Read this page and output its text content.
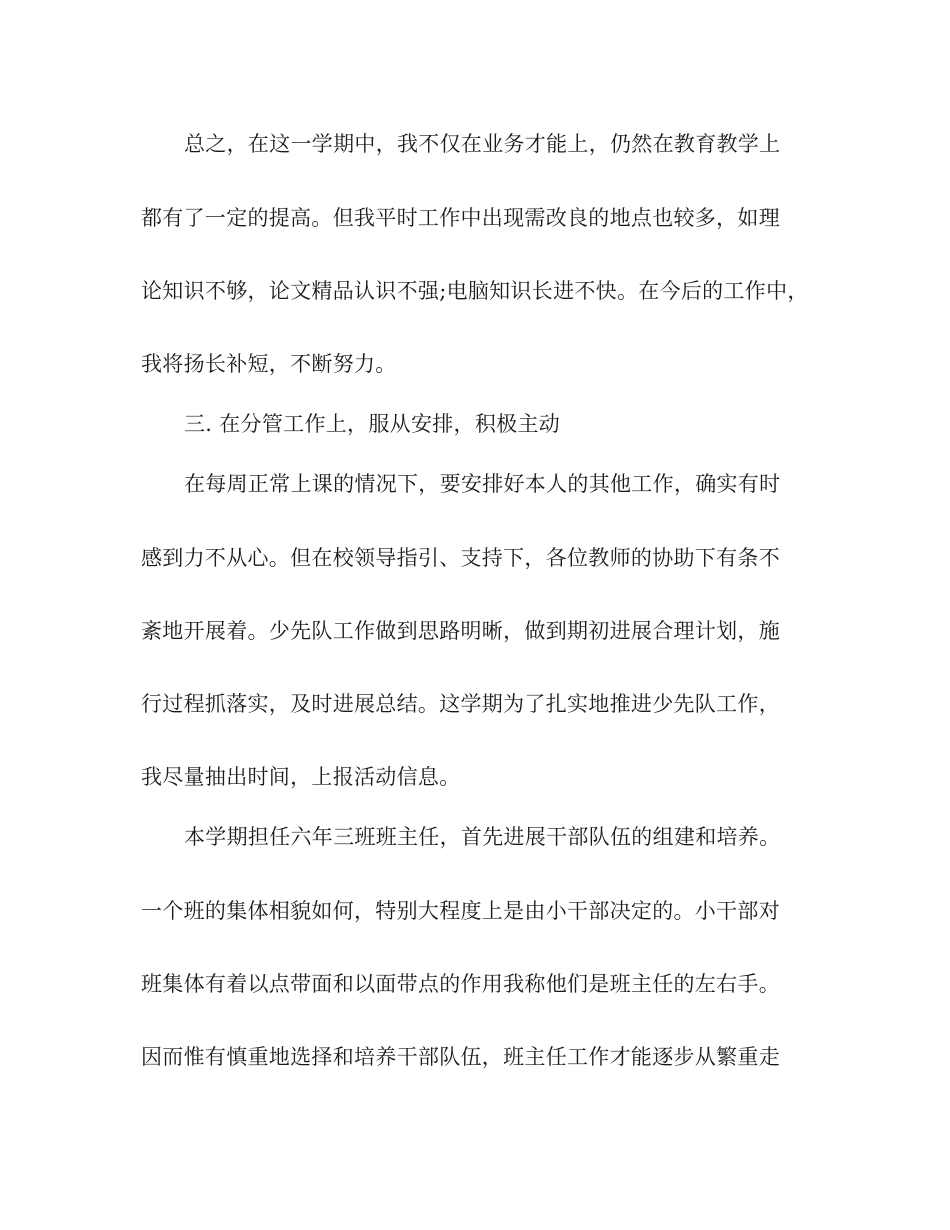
总之，在这一学期中，我不仅在业务才能上，仍然在教育教学上
都有了一定的提高。但我平时工作中出现需改良的地点也较多，如理
论知识不够，论文精品认识不强;电脑知识长进不快。在今后的工作中，
我将扬长补短，不断努力。
三. 在分管工作上，服从安排，积极主动
在每周正常上课的情况下，要安排好本人的其他工作，确实有时
感到力不从心。但在校领导指引、支持下，各位教师的协助下有条不
紊地开展着。少先队工作做到思路明晰，做到期初进展合理计划，施
行过程抓落实，及时进展总结。这学期为了扎实地推进少先队工作，
我尽量抽出时间，上报活动信息。
本学期担任六年三班班主任，首先进展干部队伍的组建和培养。
一个班的集体相貌如何，特别大程度上是由小干部决定的。小干部对
班集体有着以点带面和以面带点的作用我称他们是班主任的左右手。
因而惟有慎重地选择和培养干部队伍，班主任工作才能逐步从繁重走
